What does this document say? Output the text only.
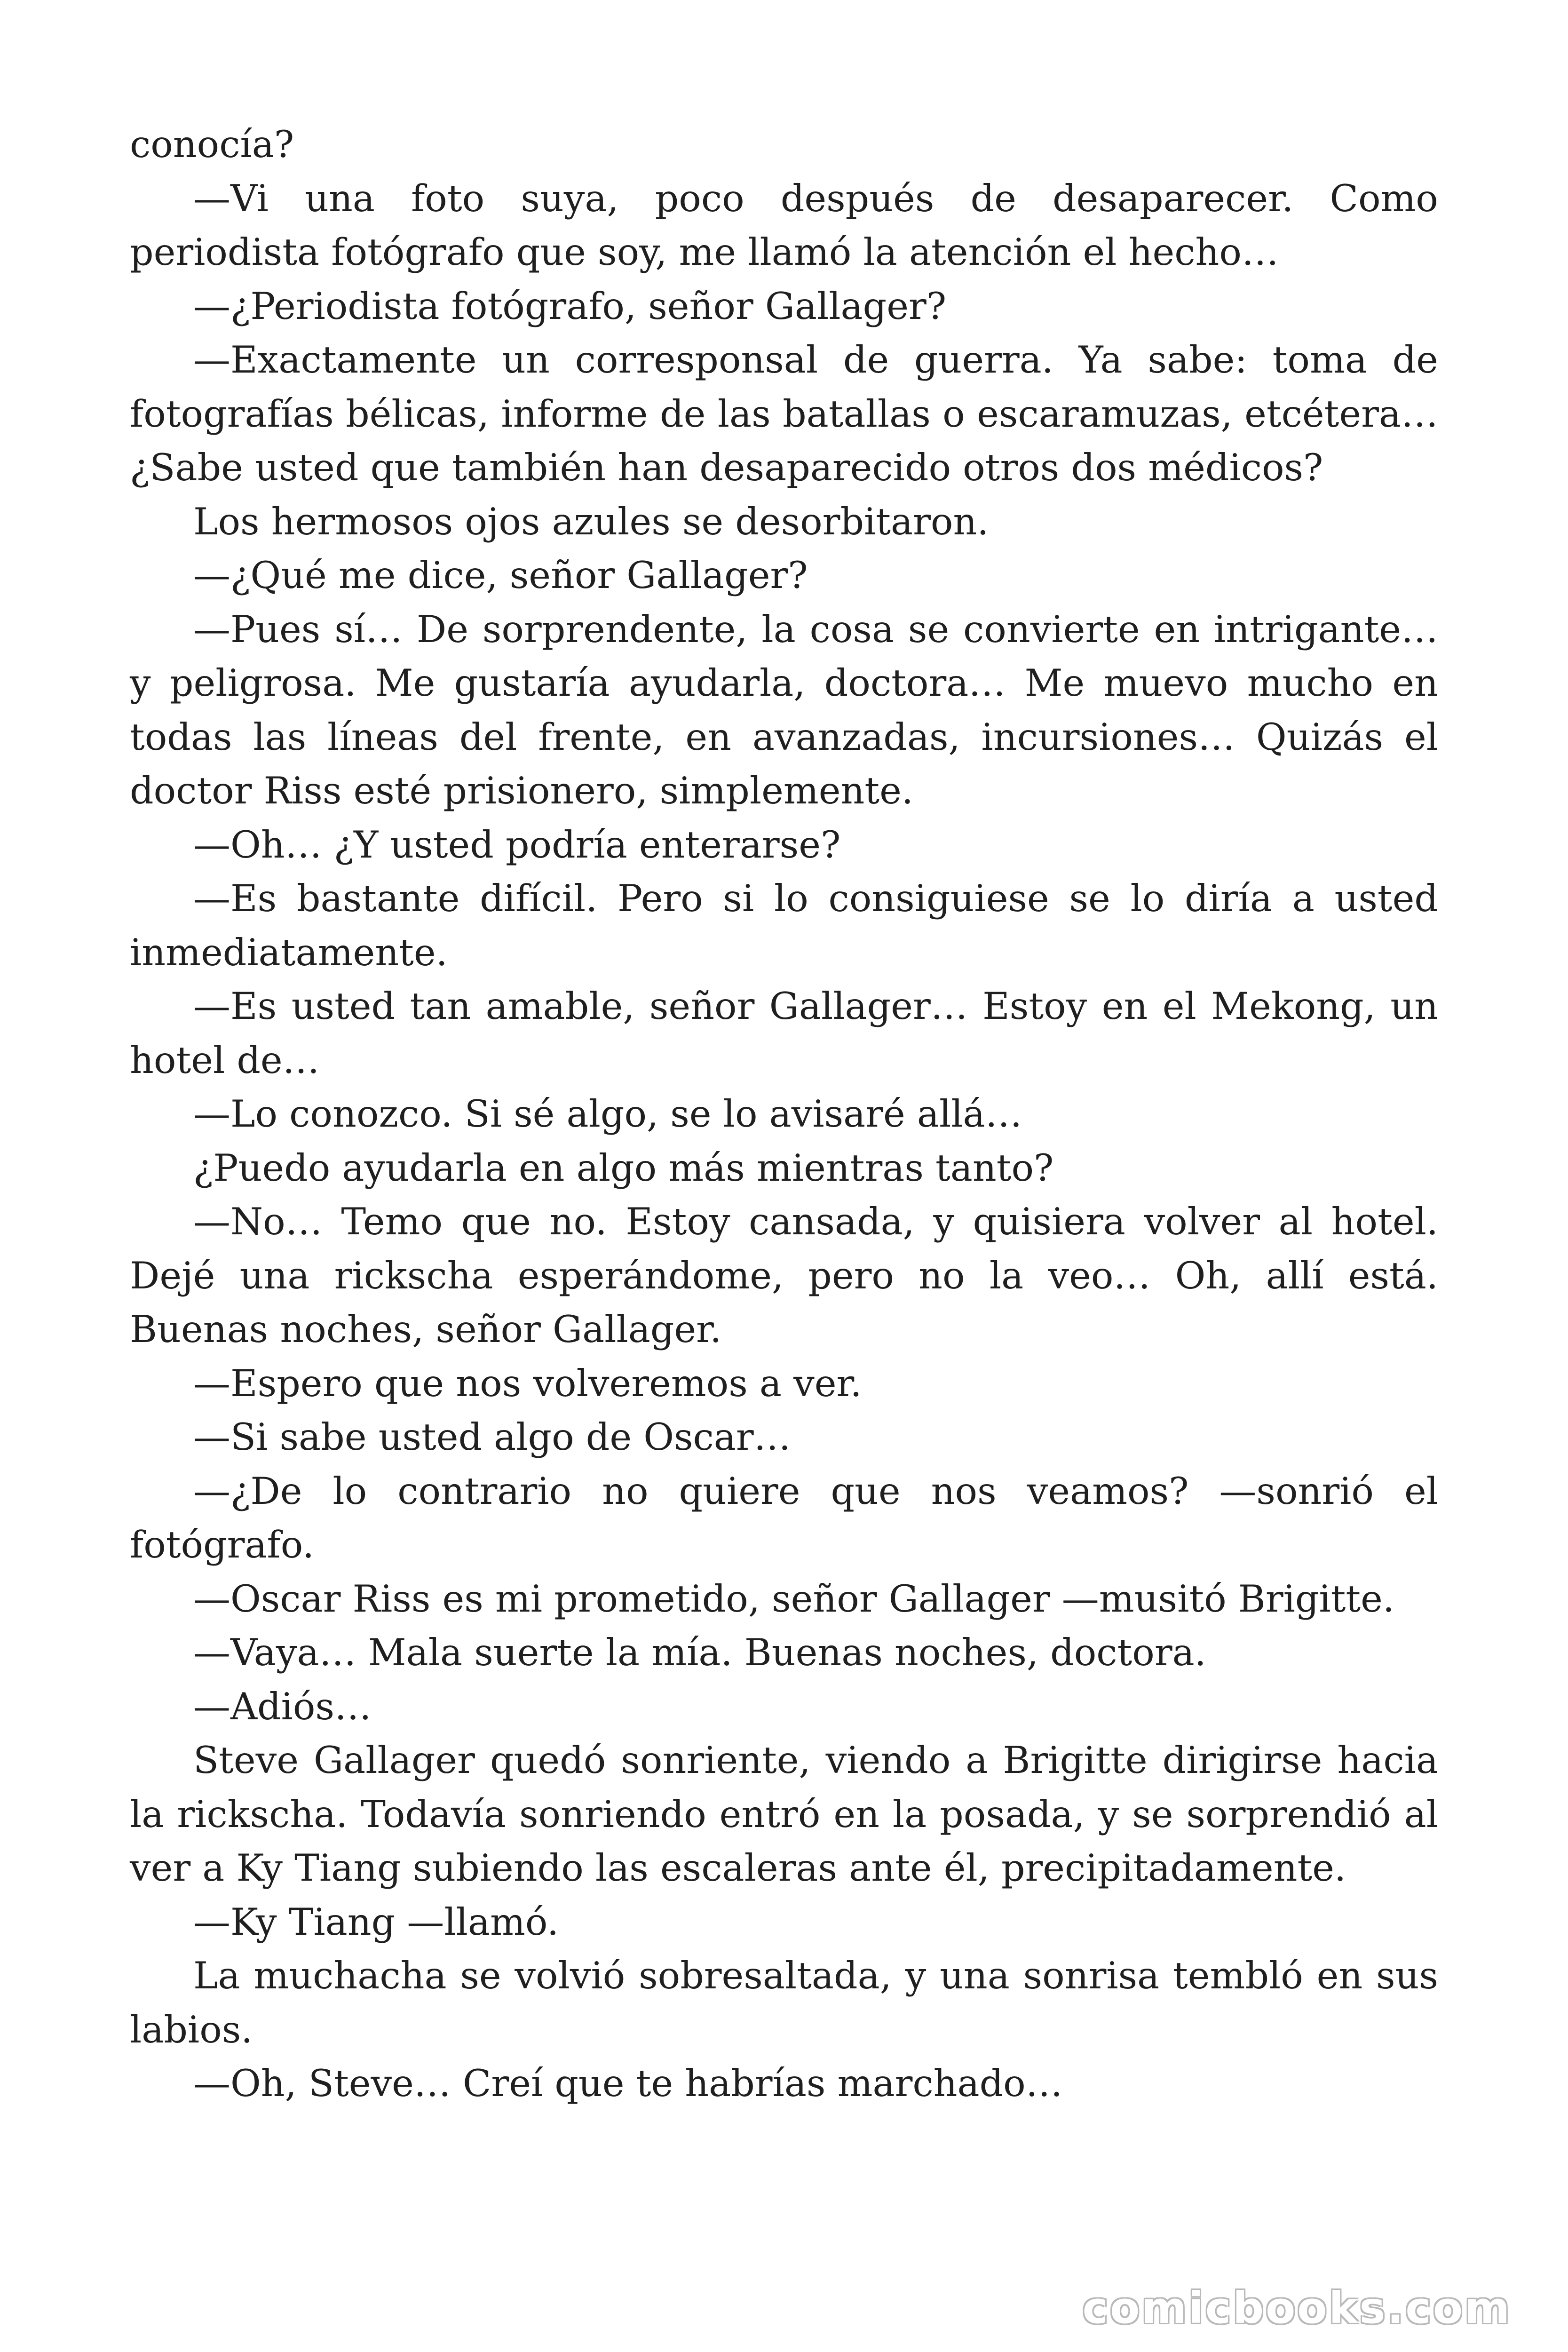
conocía?

—Vi una foto suya, poco después de desaparecer. Como periodista fotógrafo que soy, me llamó la atención el hecho…

—¿Periodista fotógrafo, señor Gallager?

—Exactamente un corresponsal de guerra. Ya sabe: toma de fotografías bélicas, informe de las batallas o escaramuzas, etcétera… ¿Sabe usted que también han desaparecido otros dos médicos?

Los hermosos ojos azules se desorbitaron.

—¿Qué me dice, señor Gallager?

—Pues sí… De sorprendente, la cosa se convierte en intrigante… y peligrosa. Me gustaría ayudarla, doctora… Me muevo mucho en todas las líneas del frente, en avanzadas, incursiones… Quizás el doctor Riss esté prisionero, simplemente.

—Oh… ¿Y usted podría enterarse?

—Es bastante difícil. Pero si lo consiguiese se lo diría a usted inmediatamente.

—Es usted tan amable, señor Gallager… Estoy en el Mekong, un hotel de…

—Lo conozco. Si sé algo, se lo avisaré allá…

¿Puedo ayudarla en algo más mientras tanto?

—No… Temo que no. Estoy cansada, y quisiera volver al hotel. Dejé una rickscha esperándome, pero no la veo… Oh, allí está. Buenas noches, señor Gallager.

—Espero que nos volveremos a ver.

—Si sabe usted algo de Oscar…

—¿De lo contrario no quiere que nos veamos? —sonrió el fotógrafo.

—Oscar Riss es mi prometido, señor Gallager —musitó Brigitte.

—Vaya… Mala suerte la mía. Buenas noches, doctora.

—Adiós…

Steve Gallager quedó sonriente, viendo a Brigitte dirigirse hacia la rickscha. Todavía sonriendo entró en la posada, y se sorprendió al ver a Ky Tiang subiendo las escaleras ante él, precipitadamente.

—Ky Tiang —llamó.

La muchacha se volvió sobresaltada, y una sonrisa tembló en sus labios.

—Oh, Steve… Creí que te habrías marchado…

comicbooks.com
